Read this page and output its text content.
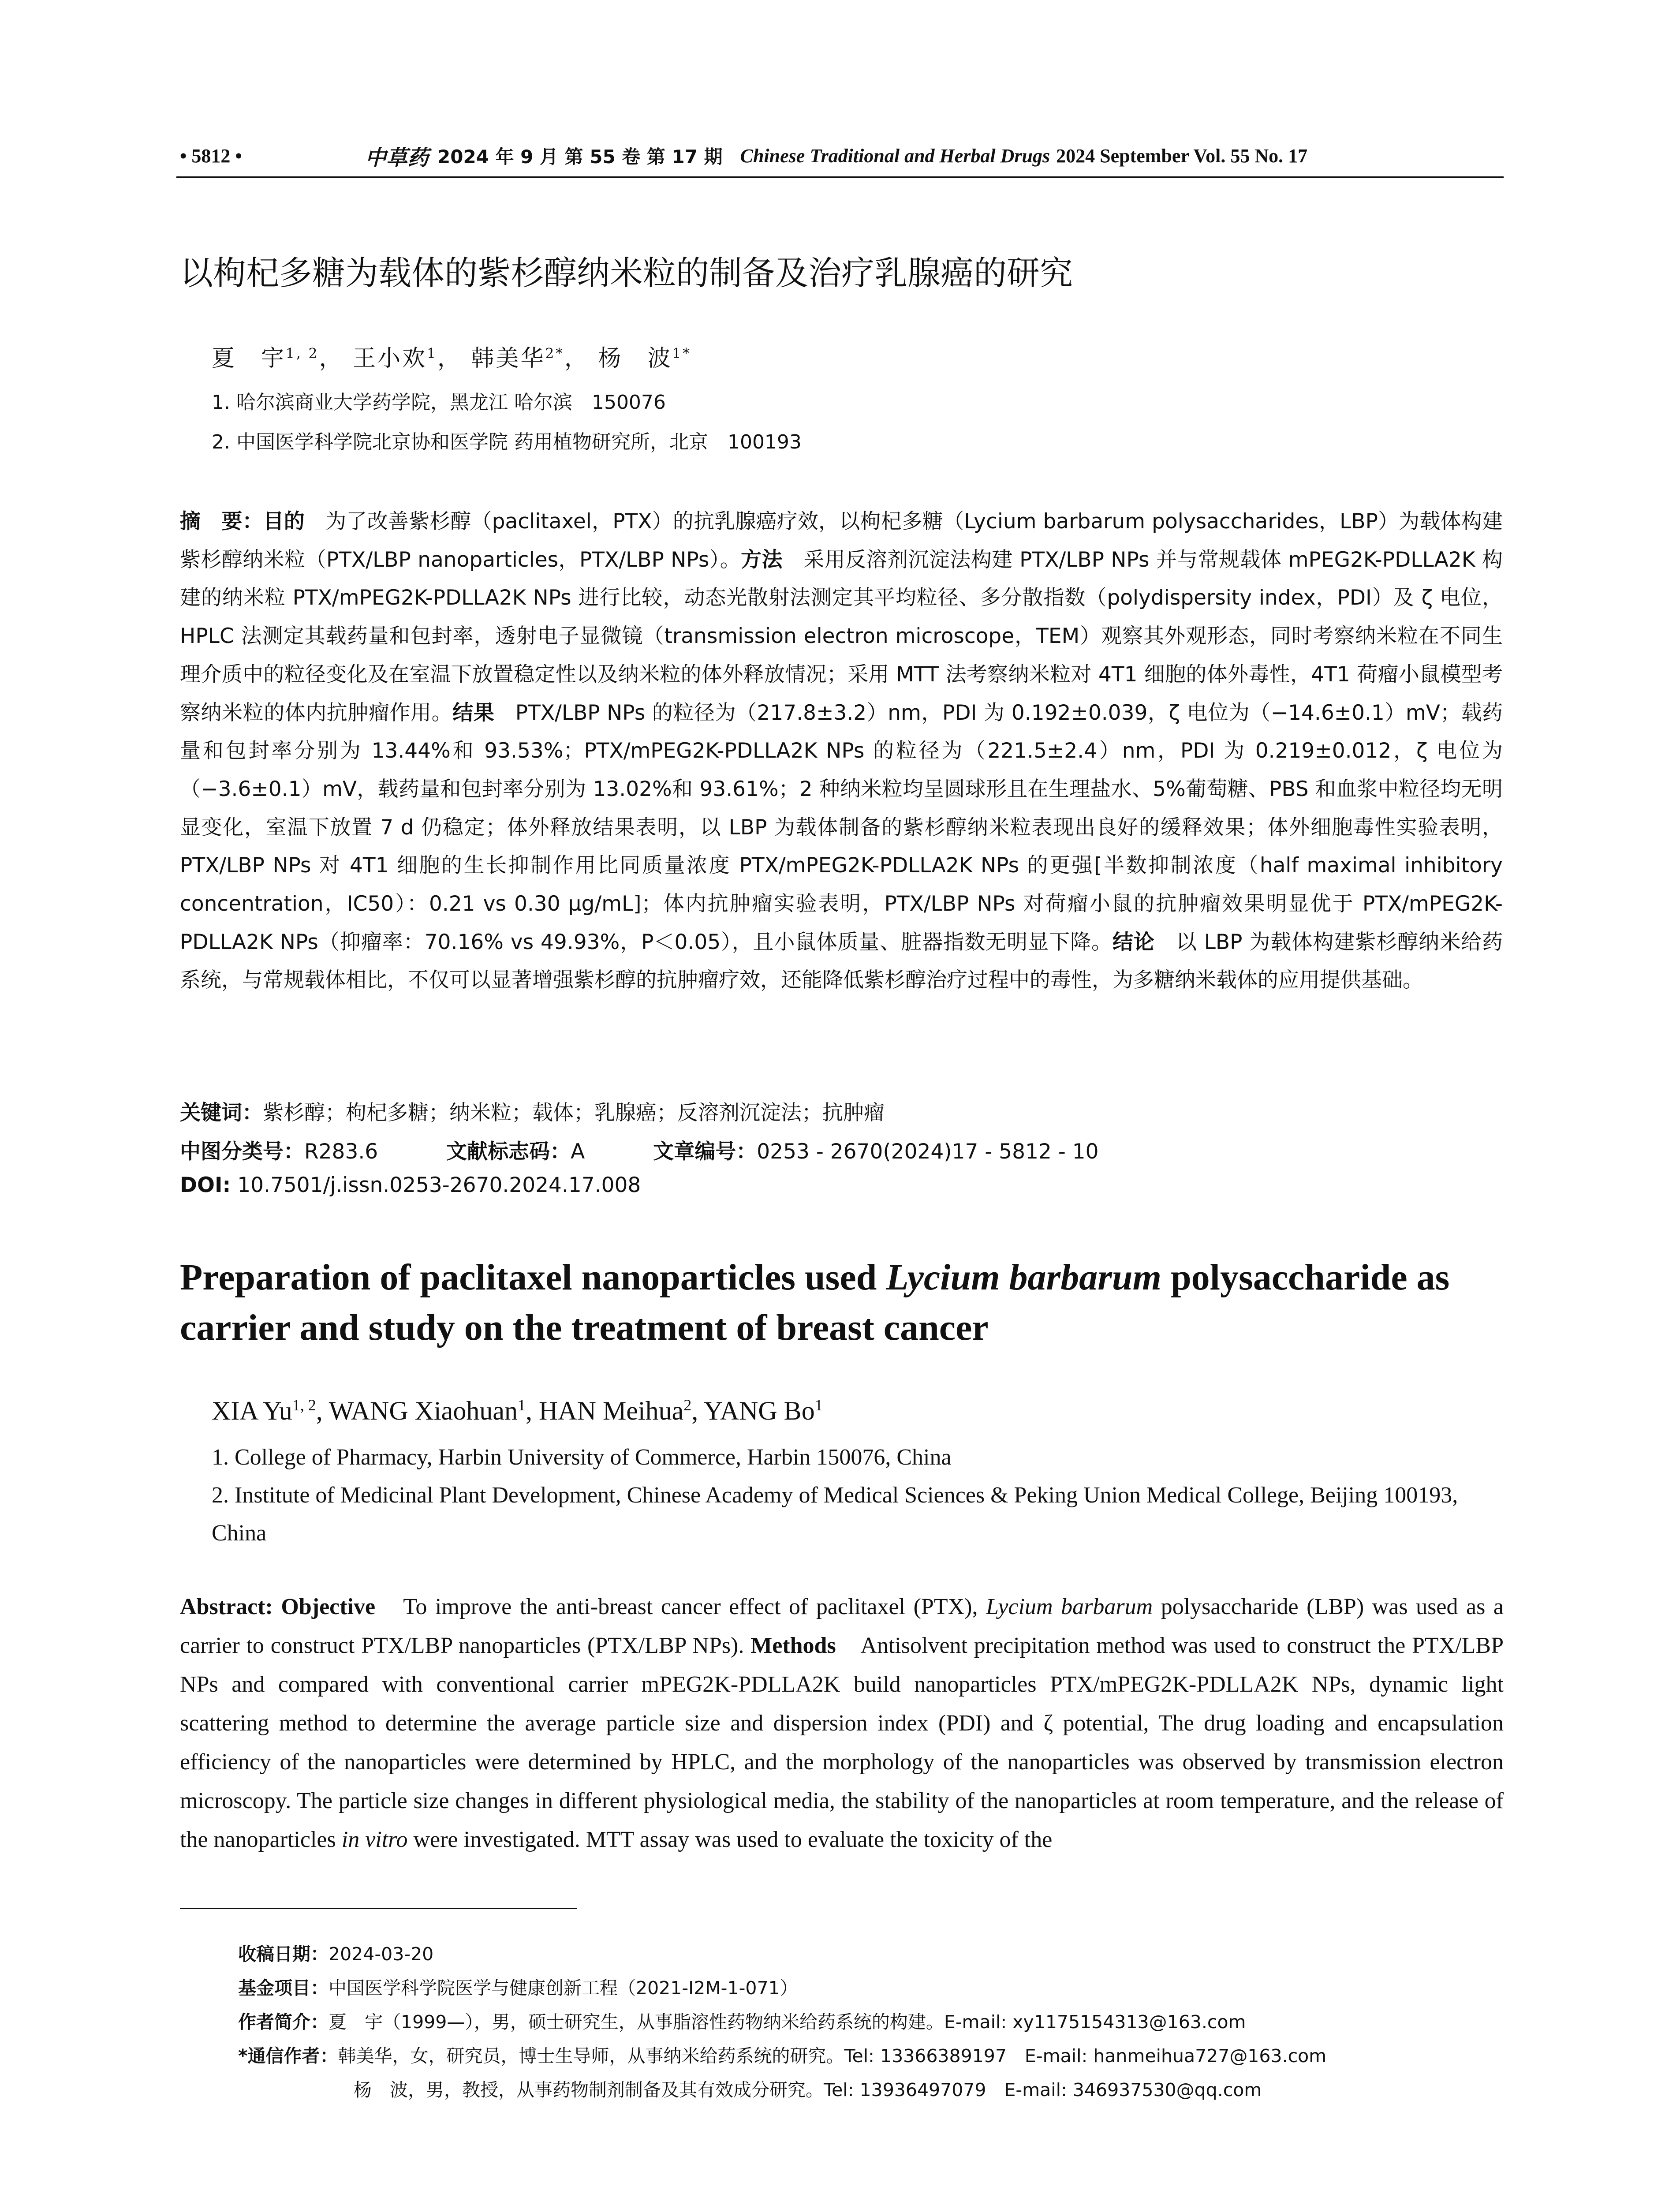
• 5812 •	中草药 2024 年 9 月 第 55 卷 第 17 期 Chinese Traditional and Herbal Drugs 2024 September Vol. 55 No. 17
以枸杞多糖为载体的紫杉醇纳米粒的制备及治疗乳腺癌的研究
夏　宇$^{1, 2}$， 王小欢$^1$， 韩美华$^{2*}$， 杨　波$^{1*}$
1. 哈尔滨商业大学药学院，黑龙江 哈尔滨　150076
2. 中国医学科学院北京协和医学院 药用植物研究所，北京　100193
摘　要：目的　为了改善紫杉醇（paclitaxel，PTX）的抗乳腺癌疗效，以枸杞多糖（Lycium barbarum polysaccharides，LBP）为载体构建紫杉醇纳米粒（PTX/LBP nanoparticles，PTX/LBP NPs）。方法　采用反溶剂沉淀法构建 PTX/LBP NPs 并与常规载体 mPEG2K-PDLLA2K 构建的纳米粒 PTX/mPEG2K-PDLLA2K NPs 进行比较，动态光散射法测定其平均粒径、多分散指数（polydispersity index，PDI）及 ζ 电位，HPLC 法测定其载药量和包封率，透射电子显微镜（transmission electron microscope，TEM）观察其外观形态，同时考察纳米粒在不同生理介质中的粒径变化及在室温下放置稳定性以及纳米粒的体外释放情况；采用 MTT 法考察纳米粒对 4T1 细胞的体外毒性，4T1 荷瘤小鼠模型考察纳米粒的体内抗肿瘤作用。结果　PTX/LBP NPs 的粒径为（217.8±3.2）nm，PDI 为 0.192±0.039，ζ 电位为（−14.6±0.1）mV；载药量和包封率分别为 13.44%和 93.53%；PTX/mPEG2K-PDLLA2K NPs 的粒径为（221.5±2.4）nm，PDI 为 0.219±0.012，ζ 电位为（−3.6±0.1）mV，载药量和包封率分别为 13.02%和 93.61%；2 种纳米粒均呈圆球形且在生理盐水、5%葡萄糖、PBS 和血浆中粒径均无明显变化，室温下放置 7 d 仍稳定；体外释放结果表明，以 LBP 为载体制备的紫杉醇纳米粒表现出良好的缓释效果；体外细胞毒性实验表明，PTX/LBP NPs 对 4T1 细胞的生长抑制作用比同质量浓度 PTX/mPEG2K-PDLLA2K NPs 的更强[半数抑制浓度（half maximal inhibitory concentration，IC50）：0.21 vs 0.30 μg/mL]；体内抗肿瘤实验表明，PTX/LBP NPs 对荷瘤小鼠的抗肿瘤效果明显优于 PTX/mPEG2K-PDLLA2K NPs（抑瘤率：70.16% vs 49.93%，P＜0.05），且小鼠体质量、脏器指数无明显下降。结论　以 LBP 为载体构建紫杉醇纳米给药系统，与常规载体相比，不仅可以显著增强紫杉醇的抗肿瘤疗效，还能降低紫杉醇治疗过程中的毒性，为多糖纳米载体的应用提供基础。
关键词：紫杉醇；枸杞多糖；纳米粒；载体；乳腺癌；反溶剂沉淀法；抗肿瘤
中图分类号：R283.6	文献标志码：A	文章编号：0253 - 2670(2024)17 - 5812 - 10
DOI: 10.7501/j.issn.0253-2670.2024.17.008
Preparation of paclitaxel nanoparticles used Lycium barbarum polysaccharide as carrier and study on the treatment of breast cancer
XIA Yu$^{1, 2}$, WANG Xiaohuan$^1$, HAN Meihua$^2$, YANG Bo$^1$
1. College of Pharmacy, Harbin University of Commerce, Harbin 150076, China
2. Institute of Medicinal Plant Development, Chinese Academy of Medical Sciences & Peking Union Medical College, Beijing 100193, China
Abstract: Objective　To improve the anti-breast cancer effect of paclitaxel (PTX), Lycium barbarum polysaccharide (LBP) was used as a carrier to construct PTX/LBP nanoparticles (PTX/LBP NPs). Methods　Antisolvent precipitation method was used to construct the PTX/LBP NPs and compared with conventional carrier mPEG2K-PDLLA2K build nanoparticles PTX/mPEG2K-PDLLA2K NPs, dynamic light scattering method to determine the average particle size and dispersion index (PDI) and ζ potential, The drug loading and encapsulation efficiency of the nanoparticles were determined by HPLC, and the morphology of the nanoparticles was observed by transmission electron microscopy. The particle size changes in different physiological media, the stability of the nanoparticles at room temperature, and the release of the nanoparticles in vitro were investigated. MTT assay was used to evaluate the toxicity of the
收稿日期：2024-03-20
基金项目：中国医学科学院医学与健康创新工程（2021-I2M-1-071）
作者简介：夏　宇（1999—），男，硕士研究生，从事脂溶性药物纳米给药系统的构建。E-mail: xy1175154313@163.com
*通信作者：韩美华，女，研究员，博士生导师，从事纳米给药系统的研究。Tel: 13366389197　E-mail: hanmeihua727@163.com
杨　波，男，教授，从事药物制剂制备及其有效成分研究。Tel: 13936497079　E-mail: 346937530@qq.com
